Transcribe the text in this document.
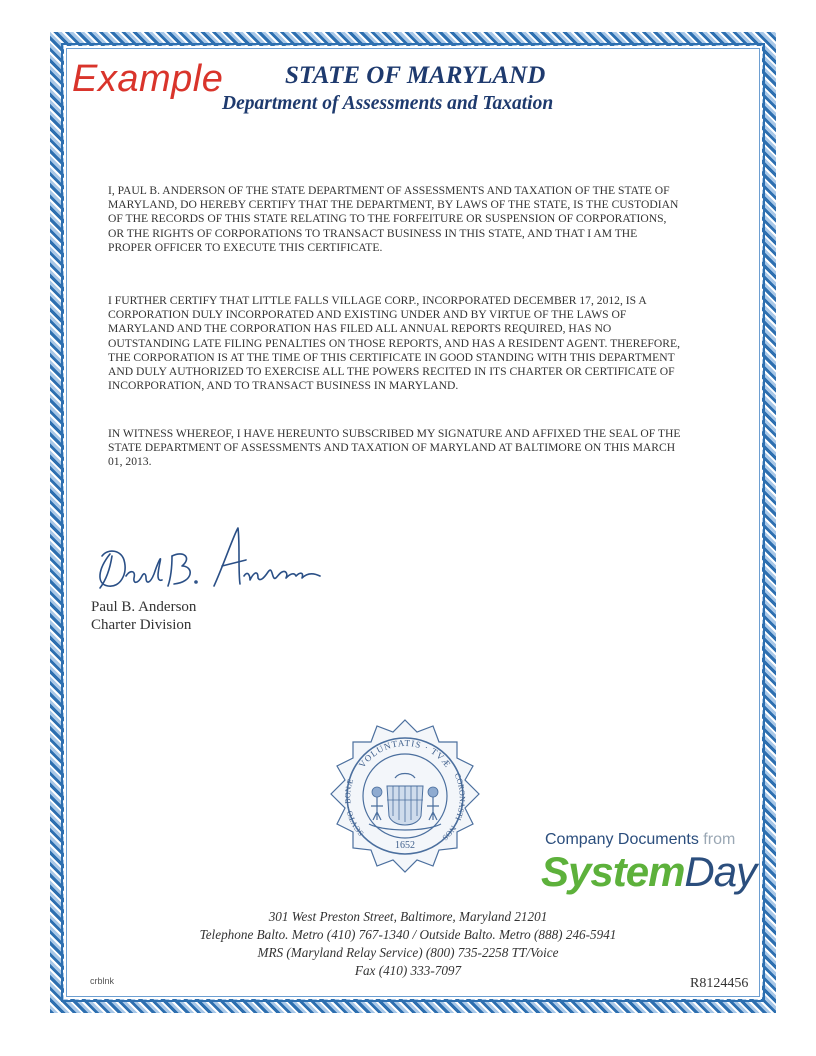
Example STATE OF MARYLAND
Department of Assessments and Taxation
I, PAUL B. ANDERSON OF THE STATE DEPARTMENT OF ASSESSMENTS AND TAXATION OF THE STATE OF MARYLAND, DO HEREBY CERTIFY THAT THE DEPARTMENT, BY LAWS OF THE STATE, IS THE CUSTODIAN OF THE RECORDS OF THIS STATE RELATING TO THE FORFEITURE OR SUSPENSION OF CORPORATIONS, OR THE RIGHTS OF CORPORATIONS TO TRANSACT BUSINESS IN THIS STATE, AND THAT I AM THE PROPER OFFICER TO EXECUTE THIS CERTIFICATE.
I FURTHER CERTIFY THAT LITTLE FALLS VILLAGE CORP., INCORPORATED DECEMBER 17, 2012, IS A CORPORATION DULY INCORPORATED AND EXISTING UNDER AND BY VIRTUE OF THE LAWS OF MARYLAND AND THE CORPORATION HAS FILED ALL ANNUAL REPORTS REQUIRED, HAS NO OUTSTANDING LATE FILING PENALTIES ON THOSE REPORTS, AND HAS A RESIDENT AGENT. THEREFORE, THE CORPORATION IS AT THE TIME OF THIS CERTIFICATE IN GOOD STANDING WITH THIS DEPARTMENT AND DULY AUTHORIZED TO EXERCISE ALL THE POWERS RECITED IN ITS CHARTER OR CERTIFICATE OF INCORPORATION, AND TO TRANSACT BUSINESS IN MARYLAND.
IN WITNESS WHEREOF, I HAVE HEREUNTO SUBSCRIBED MY SIGNATURE AND AFFIXED THE SEAL OF THE STATE DEPARTMENT OF ASSESSMENTS AND TAXATION OF MARYLAND AT BALTIMORE ON THIS MARCH 01, 2013.
Paul B. Anderson
Charter Division
VOLUNTATIS · TVÆ
SCVTO · BONÆ
CORONASTI · NOS
1652	Company Documents from
SystemDay
301 West Preston Street, Baltimore, Maryland 21201
Telephone Balto. Metro (410) 767-1340 / Outside Balto. Metro (888) 246-5941
MRS (Maryland Relay Service) (800) 735-2258 TT/Voice
Fax (410) 333-7097
crblnk	R8124456
